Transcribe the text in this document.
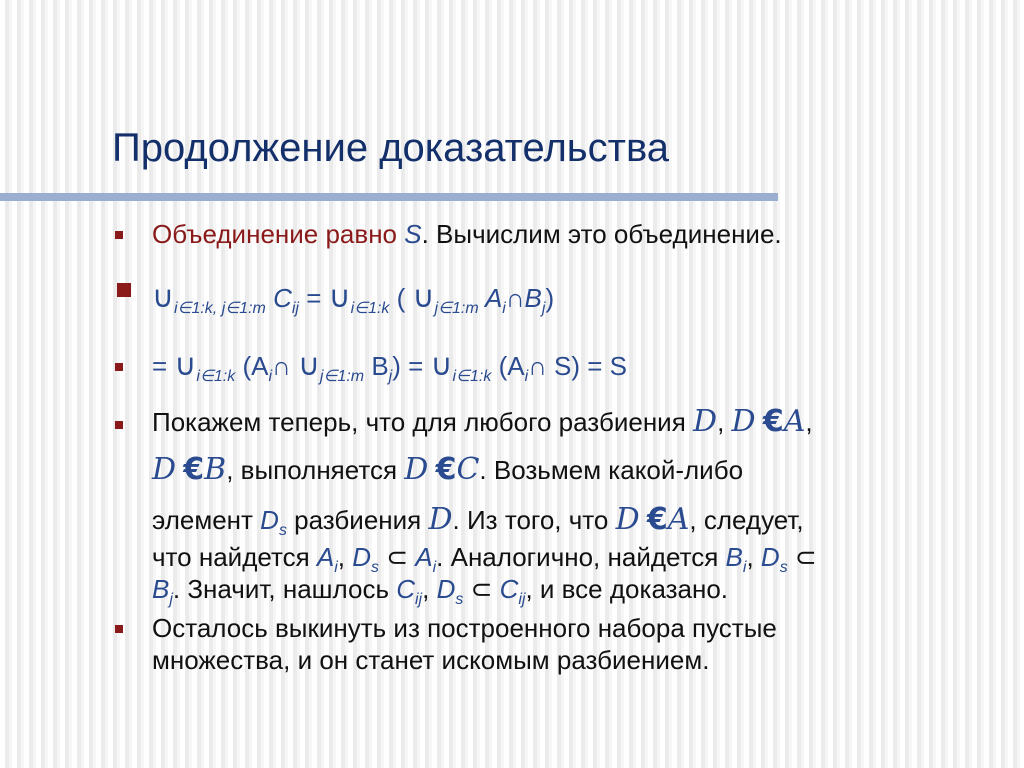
Продолжение доказательства
Объединение равно S. Вычислим это объединение.
$\cup_{i\in 1:k, j\in 1:m}$ $C_{ij}$ = $\cup_{i\in 1:k}$ ( $\cup_{j\in 1:m}$ $A_i\cap B_j$)
= $\cup_{i\in 1:k}$ ($A_i\cap$ $\cup_{j\in 1:m}$ $B_j$) = $\cup_{i\in 1:k}$ ($A_i\cap$ S) = S
Покажем теперь, что для любого разбиения D, D €A,
D €B, выполняется D €C. Возьмем какой-либо
элемент $D_s$ разбиения D. Из того, что D €A, следует,
что найдется $A_i$, $D_s$ ⊂ $A_i$. Аналогично, найдется $B_i$, $D_s$ ⊂
$B_j$. Значит, нашлось $C_{ij}$, $D_s$ ⊂ $C_{ij}$, и все доказано.
Осталось выкинуть из построенного набора пустые
множества, и он станет искомым разбиением.
